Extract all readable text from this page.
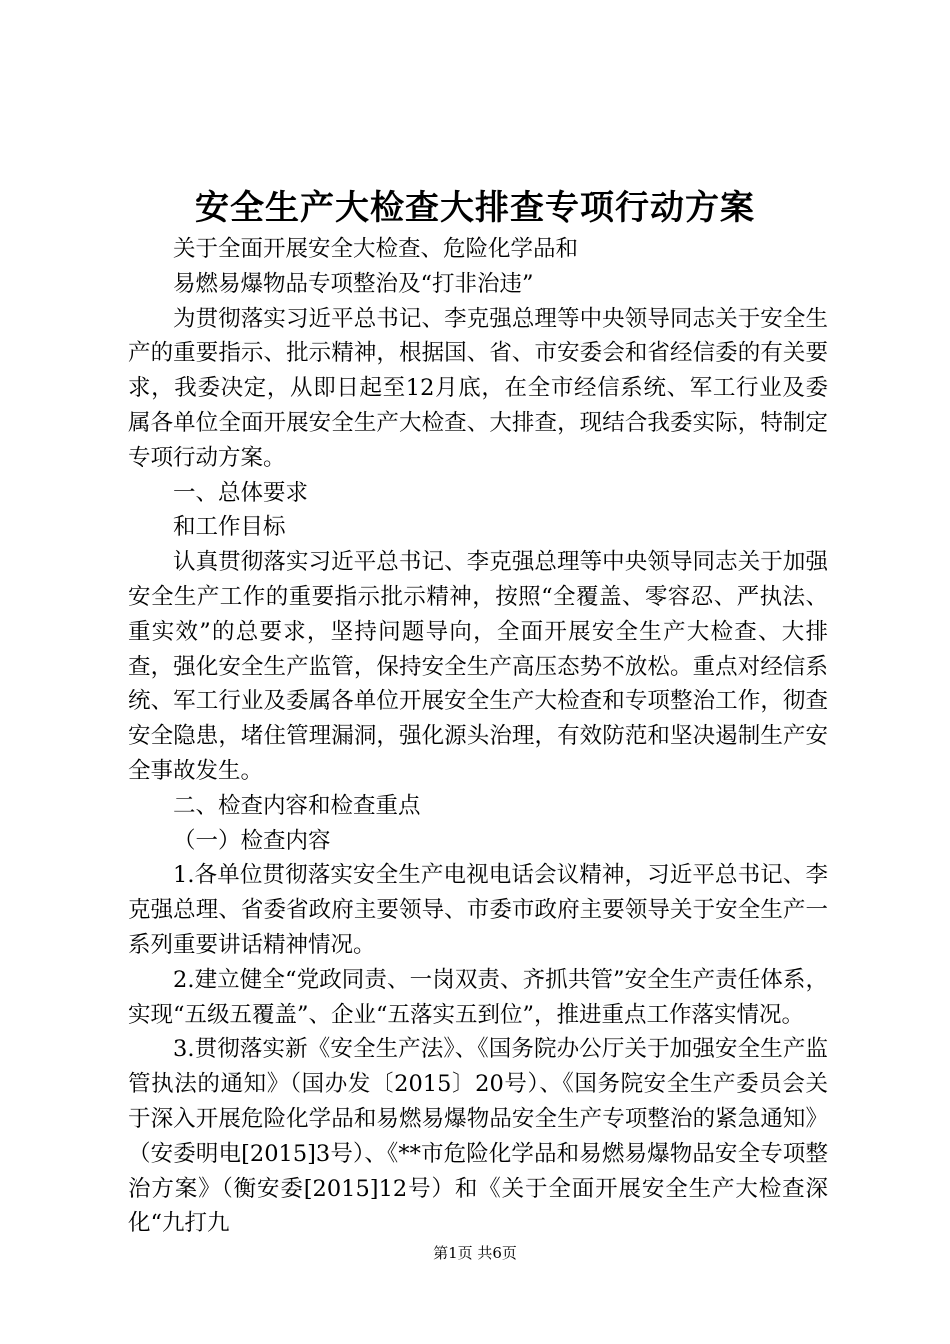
安全生产大检查大排查专项行动方案

关于全面开展安全大检查、危险化学品和

易燃易爆物品专项整治及“打非治违”

为贯彻落实习近平总书记、李克强总理等中央领导同志关于安全生产的重要指示、批示精神，根据国、省、市安委会和省经信委的有关要求，我委决定，从即日起至12月底，在全市经信系统、军工行业及委属各单位全面开展安全生产大检查、大排查，现结合我委实际，特制定专项行动方案。

一、总体要求

和工作目标

认真贯彻落实习近平总书记、李克强总理等中央领导同志关于加强安全生产工作的重要指示批示精神，按照“全覆盖、零容忍、严执法、重实效”的总要求，坚持问题导向，全面开展安全生产大检查、大排查，强化安全生产监管，保持安全生产高压态势不放松。重点对经信系统、军工行业及委属各单位开展安全生产大检查和专项整治工作，彻查安全隐患，堵住管理漏洞，强化源头治理，有效防范和坚决遏制生产安全事故发生。

二、检查内容和检查重点

（一）检查内容

1.各单位贯彻落实安全生产电视电话会议精神，习近平总书记、李克强总理、省委省政府主要领导、市委市政府主要领导关于安全生产一系列重要讲话精神情况。

2.建立健全“党政同责、一岗双责、齐抓共管”安全生产责任体系，实现“五级五覆盖”、企业“五落实五到位”，推进重点工作落实情况。

3.贯彻落实新《安全生产法》、《国务院办公厅关于加强安全生产监管执法的通知》（国办发〔2015〕20号）、《国务院安全生产委员会关于深入开展危险化学品和易燃易爆物品安全生产专项整治的紧急通知》（安委明电[2015]3号）、《**市危险化学品和易燃易爆物品安全专项整治方案》（衡安委[2015]12号）和《关于全面开展安全生产大检查深化“九打九

第1页 共6页
